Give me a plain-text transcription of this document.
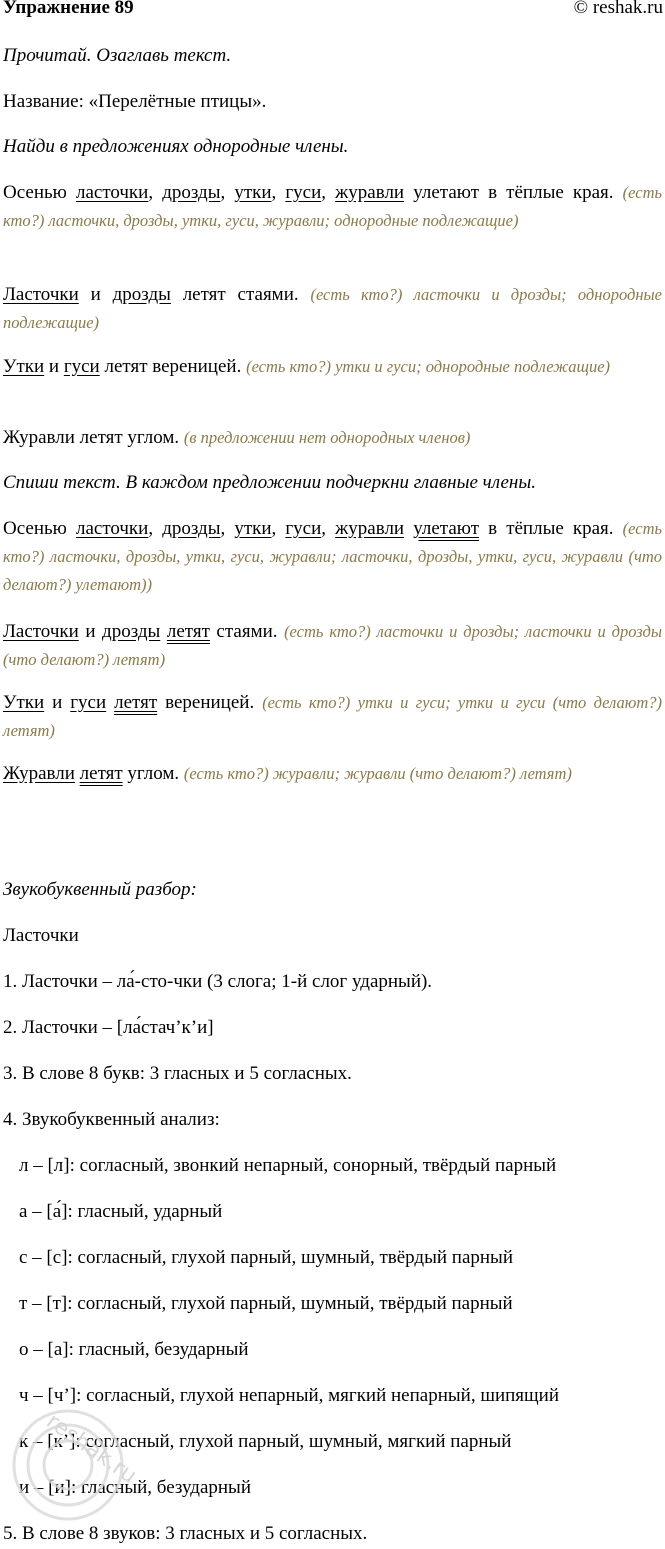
Упражнение 89	© reshak.ru
Прочитай. Озаглавь текст.
Название: «Перелётные птицы».
Найди в предложениях однородные члены.
Осенью ласточки, дрозды, утки, гуси, журавли улетают в тёплые края. (есть кто?) ласточки, дрозды, утки, гуси, журавли; однородные подлежащие)
Ласточки и дрозды летят стаями. (есть кто?) ласточки и дрозды; однородные подлежащие)
Утки и гуси летят вереницей. (есть кто?) утки и гуси; однородные подлежащие)
Журавли летят углом. (в предложении нет однородных членов)
Спиши текст. В каждом предложении подчеркни главные члены.
Осенью ласточки, дрозды, утки, гуси, журавли улетают в тёплые края. (есть кто?) ласточки, дрозды, утки, гуси, журавли; ласточки, дрозды, утки, гуси, журавли (что делают?) улетают))
Ласточки и дрозды летят стаями. (есть кто?) ласточки и дрозды; ласточки и дрозды (что делают?) летят)
Утки и гуси летят вереницей. (есть кто?) утки и гуси; утки и гуси (что делают?) летят)
Журавли летят углом. (есть кто?) журавли; журавли (что делают?) летят)
Звукобуквенный разбор:
Ласточки
1. Ласточки – ла́-сто-чки (3 слога; 1-й слог ударный).
2. Ласточки – [ла́стач’к’и]
3. В слове 8 букв: 3 гласных и 5 согласных.
4. Звукобуквенный анализ:
л – [л]: согласный, звонкий непарный, сонорный, твёрдый парный
а – [а́]: гласный, ударный
с – [с]: согласный, глухой парный, шумный, твёрдый парный
т – [т]: согласный, глухой парный, шумный, твёрдый парный
о – [а]: гласный, безударный
ч – [ч’]: согласный, глухой непарный, мягкий непарный, шипящий
к – [к’]: согласный, глухой парный, шумный, мягкий парный
и – [и]: гласный, безударный
5. В слове 8 звуков: 3 гласных и 5 согласных.
reshak.ru
